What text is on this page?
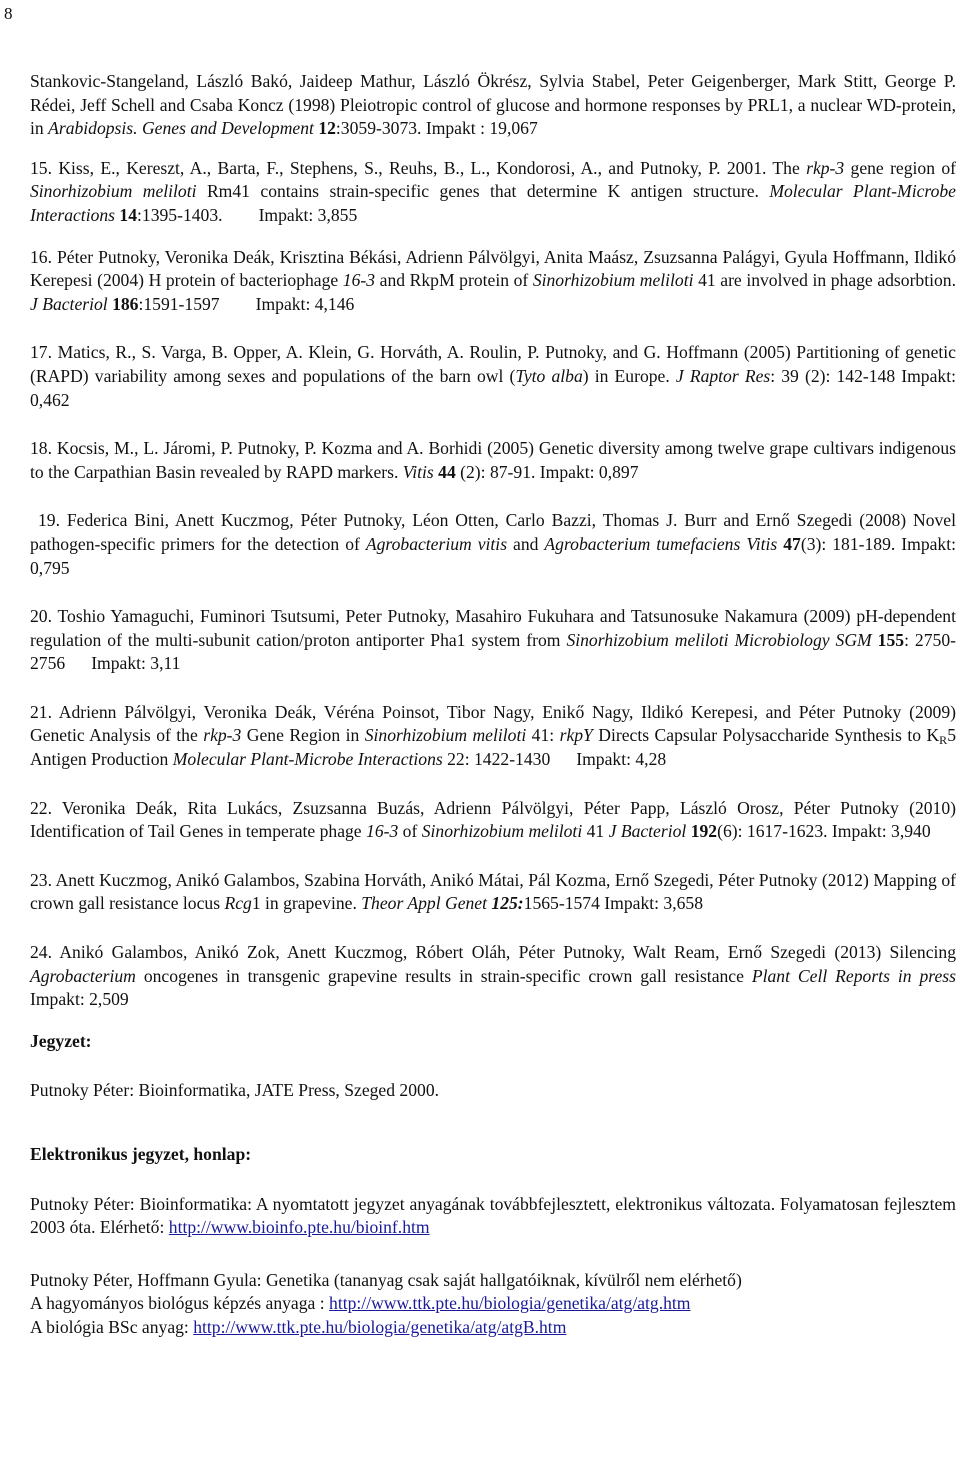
8

Stankovic-Stangeland, László Bakó, Jaideep Mathur, László Ökrész, Sylvia Stabel, Peter Geigenberger, Mark Stitt, George P. Rédei, Jeff Schell and Csaba Koncz (1998) Pleiotropic control of glucose and hormone responses by PRL1, a nuclear WD-protein, in Arabidopsis. Genes and Development 12:3059-3073. Impakt : 19,067

15. Kiss, E., Kereszt, A., Barta, F., Stephens, S., Reuhs, B., L., Kondorosi, A., and Putnoky, P. 2001. The rkp-3 gene region of Sinorhizobium meliloti Rm41 contains strain-specific genes that determine K antigen structure. Molecular Plant-Microbe Interactions 14:1395-1403. Impakt: 3,855

16. Péter Putnoky, Veronika Deák, Krisztina Békási, Adrienn Pálvölgyi, Anita Maász, Zsuzsanna Palágyi, Gyula Hoffmann, Ildikó Kerepesi (2004) H protein of bacteriophage 16-3 and RkpM protein of Sinorhizobium meliloti 41 are involved in phage adsorbtion. J Bacteriol 186:1591-1597 Impakt: 4,146

17. Matics, R., S. Varga, B. Opper, A. Klein, G. Horváth, A. Roulin, P. Putnoky, and G. Hoffmann (2005) Partitioning of genetic (RAPD) variability among sexes and populations of the barn owl (Tyto alba) in Europe. J Raptor Res: 39 (2): 142-148 Impakt: 0,462

18. Kocsis, M., L. Járomi, P. Putnoky, P. Kozma and A. Borhidi (2005) Genetic diversity among twelve grape cultivars indigenous to the Carpathian Basin revealed by RAPD markers. Vitis 44 (2): 87-91. Impakt: 0,897

19. Federica Bini, Anett Kuczmog, Péter Putnoky, Léon Otten, Carlo Bazzi, Thomas J. Burr and Ernő Szegedi (2008) Novel pathogen-specific primers for the detection of Agrobacterium vitis and Agrobacterium tumefaciens Vitis 47(3): 181-189. Impakt: 0,795

20. Toshio Yamaguchi, Fuminori Tsutsumi, Peter Putnoky, Masahiro Fukuhara and Tatsunosuke Nakamura (2009) pH-dependent regulation of the multi-subunit cation/proton antiporter Pha1 system from Sinorhizobium meliloti Microbiology SGM 155: 2750-2756 Impakt: 3,11

21. Adrienn Pálvölgyi, Veronika Deák, Véréna Poinsot, Tibor Nagy, Enikő Nagy, Ildikó Kerepesi, and Péter Putnoky (2009) Genetic Analysis of the rkp-3 Gene Region in Sinorhizobium meliloti 41: rkpY Directs Capsular Polysaccharide Synthesis to $K_R5$ Antigen Production Molecular Plant-Microbe Interactions 22: 1422-1430 Impakt: 4,28

22. Veronika Deák, Rita Lukács, Zsuzsanna Buzás, Adrienn Pálvölgyi, Péter Papp, László Orosz, Péter Putnoky (2010) Identification of Tail Genes in temperate phage 16-3 of Sinorhizobium meliloti 41 J Bacteriol 192(6): 1617-1623. Impakt: 3,940

23. Anett Kuczmog, Anikó Galambos, Szabina Horváth, Anikó Mátai, Pál Kozma, Ernő Szegedi, Péter Putnoky (2012) Mapping of crown gall resistance locus Rcg1 in grapevine. Theor Appl Genet 125:1565-1574 Impakt: 3,658

24. Anikó Galambos, Anikó Zok, Anett Kuczmog, Róbert Oláh, Péter Putnoky, Walt Ream, Ernő Szegedi (2013) Silencing Agrobacterium oncogenes in transgenic grapevine results in strain-specific crown gall resistance Plant Cell Reports in press Impakt: 2,509

Jegyzet:

Putnoky Péter: Bioinformatika, JATE Press, Szeged 2000.

Elektronikus jegyzet, honlap:

Putnoky Péter: Bioinformatika: A nyomtatott jegyzet anyagának továbbfejlesztett, elektronikus változata. Folyamatosan fejlesztem 2003 óta. Elérhető: http://www.bioinfo.pte.hu/bioinf.htm

Putnoky Péter, Hoffmann Gyula: Genetika (tananyag csak saját hallgatóiknak, kívülről nem elérhető)
A hagyományos biológus képzés anyaga : http://www.ttk.pte.hu/biologia/genetika/atg/atg.htm
A biológia BSc anyag: http://www.ttk.pte.hu/biologia/genetika/atg/atgB.htm
